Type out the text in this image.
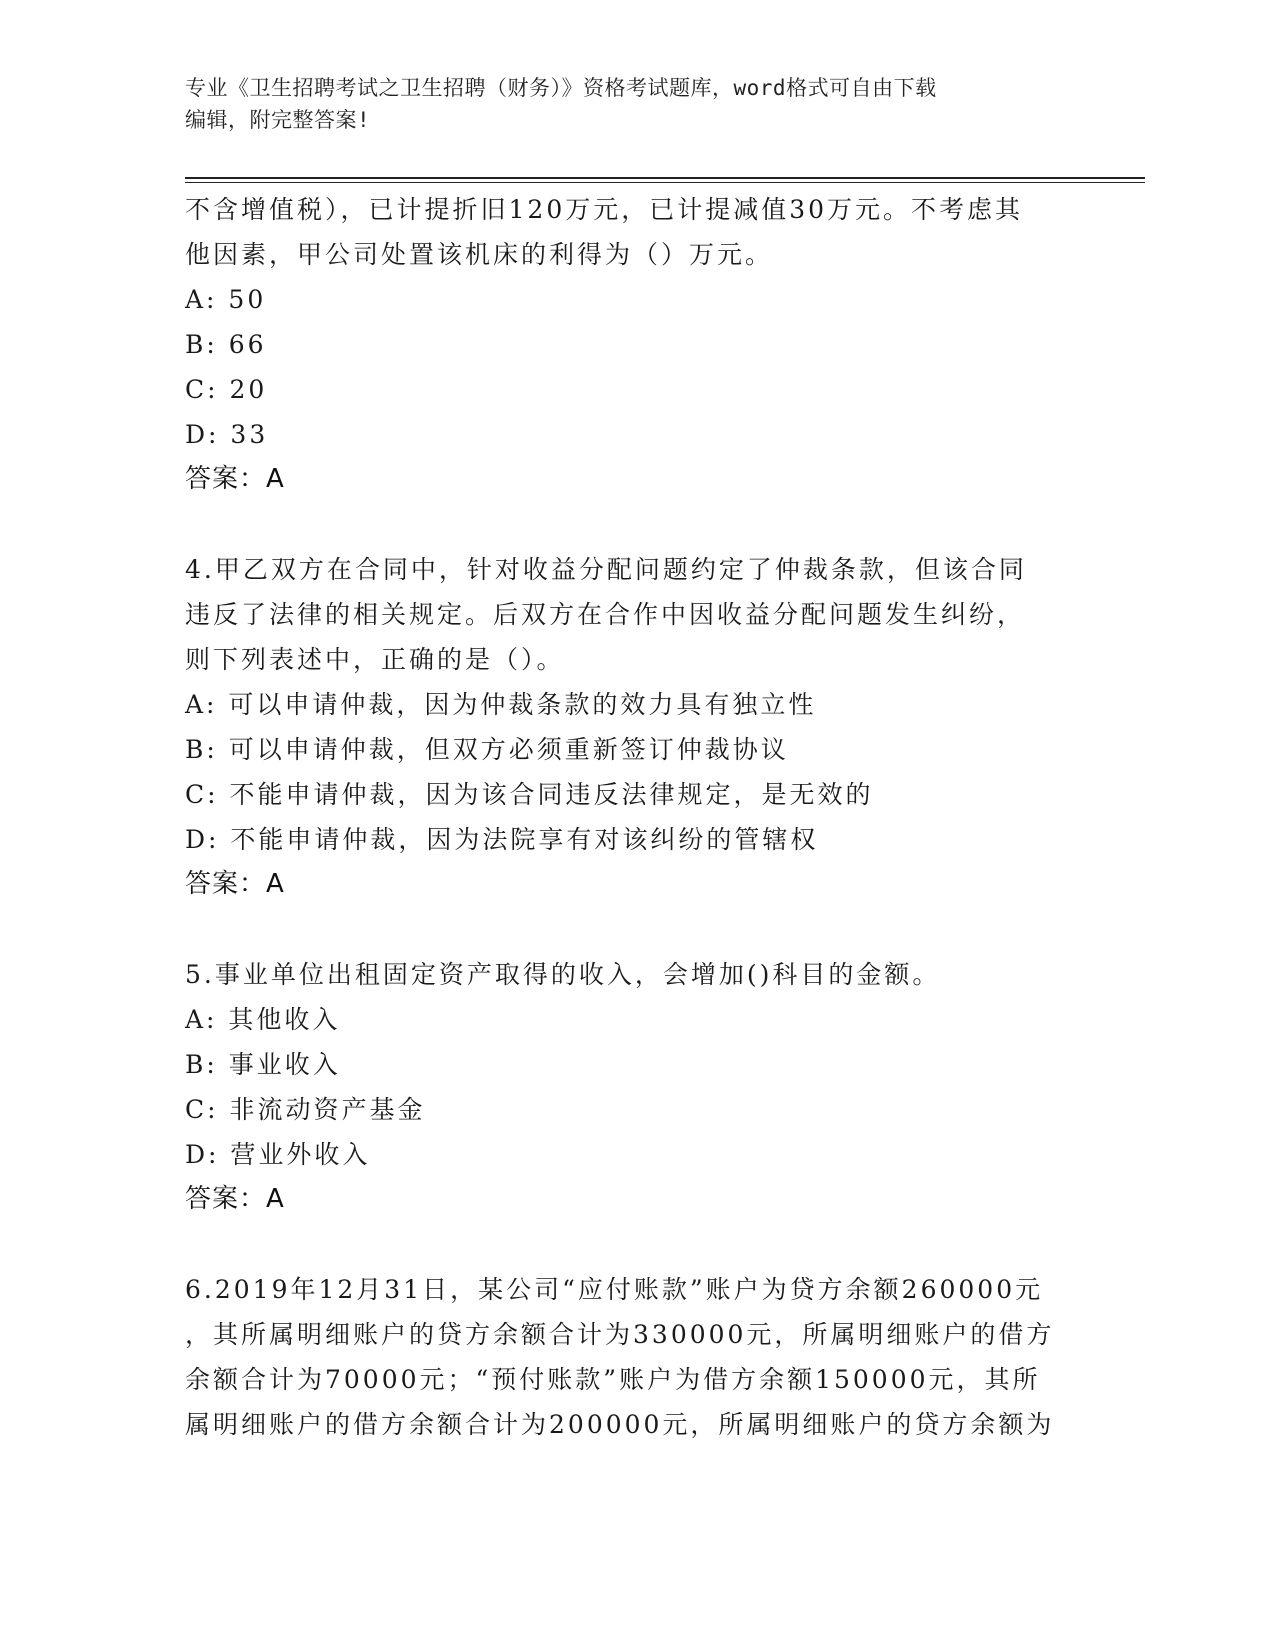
专业《卫生招聘考试之卫生招聘（财务）》资格考试题库，word格式可自由下载
编辑，附完整答案!
不含增值税），已计提折旧120万元，已计提减值30万元。不考虑其
他因素，甲公司处置该机床的利得为（）万元。
A: 50
B: 66
C: 20
D: 33
答案：A
4.甲乙双方在合同中，针对收益分配问题约定了仲裁条款，但该合同
违反了法律的相关规定。后双方在合作中因收益分配问题发生纠纷，
则下列表述中，正确的是（）。
A: 可以申请仲裁，因为仲裁条款的效力具有独立性
B: 可以申请仲裁，但双方必须重新签订仲裁协议
C: 不能申请仲裁，因为该合同违反法律规定，是无效的
D: 不能申请仲裁，因为法院享有对该纠纷的管辖权
答案：A
5.事业单位出租固定资产取得的收入，会增加()科目的金额。
A: 其他收入
B: 事业收入
C: 非流动资产基金
D: 营业外收入
答案：A
6.2019年12月31日，某公司“应付账款”账户为贷方余额260000元
，其所属明细账户的贷方余额合计为330000元，所属明细账户的借方
余额合计为70000元；“预付账款”账户为借方余额150000元，其所
属明细账户的借方余额合计为200000元，所属明细账户的贷方余额为
